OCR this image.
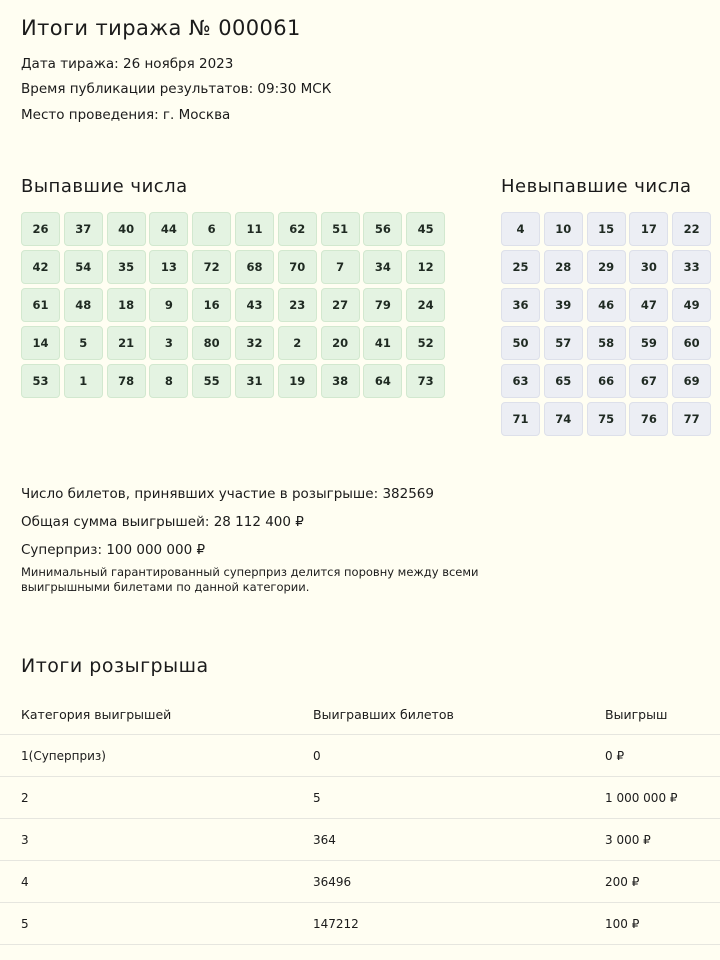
Итоги тиража № 000061
Дата тиража: 26 ноября 2023
Время публикации результатов: 09:30 МСК
Место проведения: г. Москва
Выпавшие числа	Невыпавшие числа
26	37	40	44	6	11	62	51	56	45
42	54	35	13	72	68	70	7	34	12
61	48	18	9	16	43	23	27	79	24
14	5	21	3	80	32	2	20	41	52
53	1	78	8	55	31	19	38	64	73
4	10	15	17	22
25	28	29	30	33
36	39	46	47	49
50	57	58	59	60
63	65	66	67	69
71	74	75	76	77
Число билетов, принявших участие в розыгрыше: 382569
Общая сумма выигрышей: 28 112 400 ₽
Суперприз: 100 000 000 ₽
Минимальный гарантированный суперприз делится поровну между всеми выигрышными билетами по данной категории.
Итоги розыгрыша
Категория выигрышей	Выигравших билетов	Выигрыш
1(Суперприз)	0	0 ₽
2	5	1 000 000 ₽
3	364	3 000 ₽
4	36496	200 ₽
5	147212	100 ₽
